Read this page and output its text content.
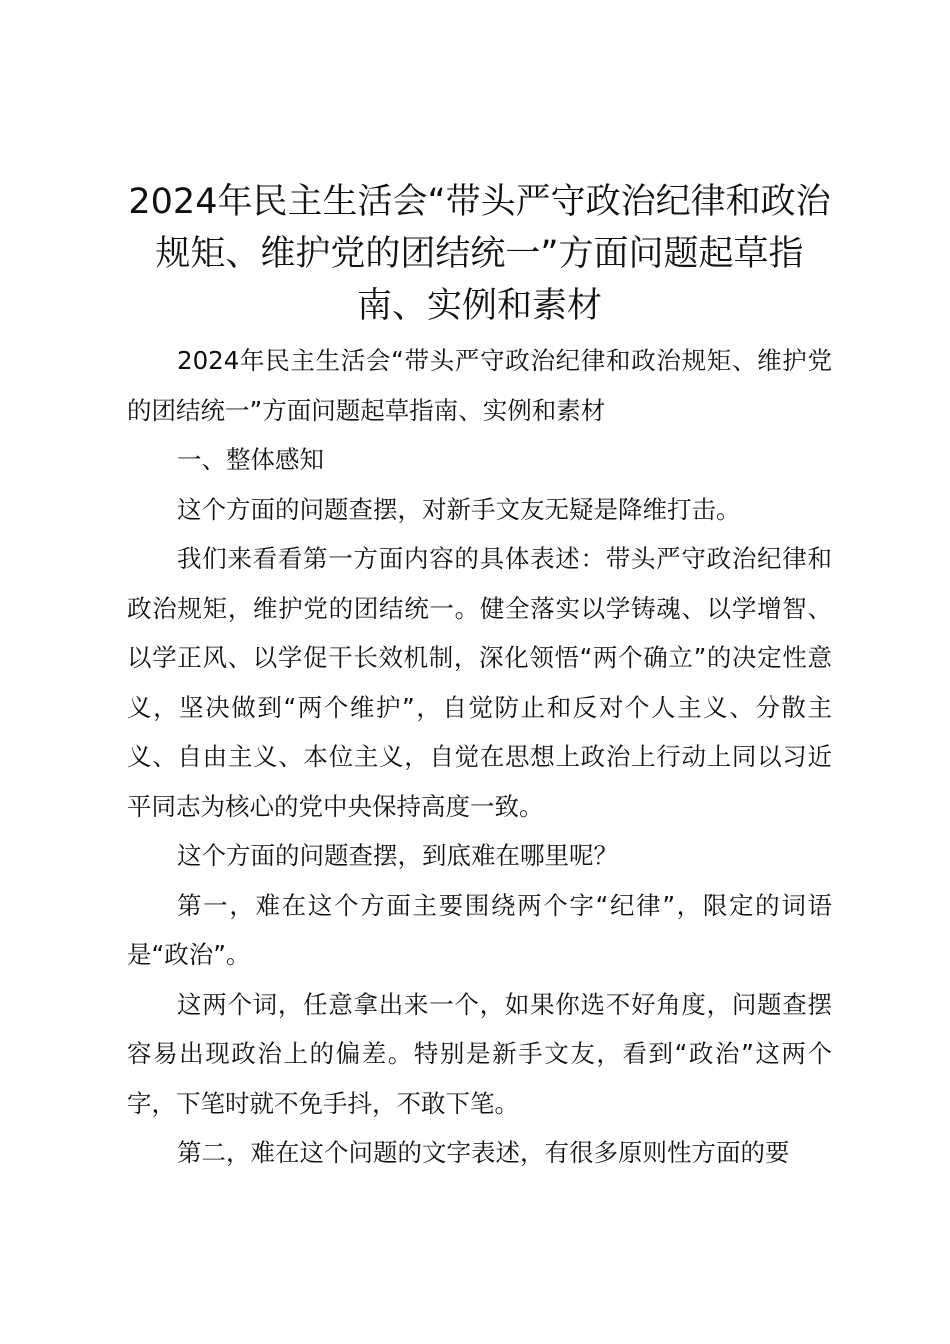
2024年民主生活会“带头严守政治纪律和政治规矩、维护党的团结统一”方面问题起草指南、实例和素材

2024年民主生活会“带头严守政治纪律和政治规矩、维护党的团结统一”方面问题起草指南、实例和素材

一、整体感知

这个方面的问题查摆，对新手文友无疑是降维打击。

我们来看看第一方面内容的具体表述：带头严守政治纪律和政治规矩，维护党的团结统一。健全落实以学铸魂、以学增智、以学正风、以学促干长效机制，深化领悟“两个确立”的决定性意义，坚决做到“两个维护”，自觉防止和反对个人主义、分散主义、自由主义、本位主义，自觉在思想上政治上行动上同以习近平同志为核心的党中央保持高度一致。

这个方面的问题查摆，到底难在哪里呢？

第一，难在这个方面主要围绕两个字“纪律”，限定的词语是“政治”。

这两个词，任意拿出来一个，如果你选不好角度，问题查摆容易出现政治上的偏差。特别是新手文友，看到“政治”这两个字，下笔时就不免手抖，不敢下笔。

第二，难在这个问题的文字表述，有很多原则性方面的要
